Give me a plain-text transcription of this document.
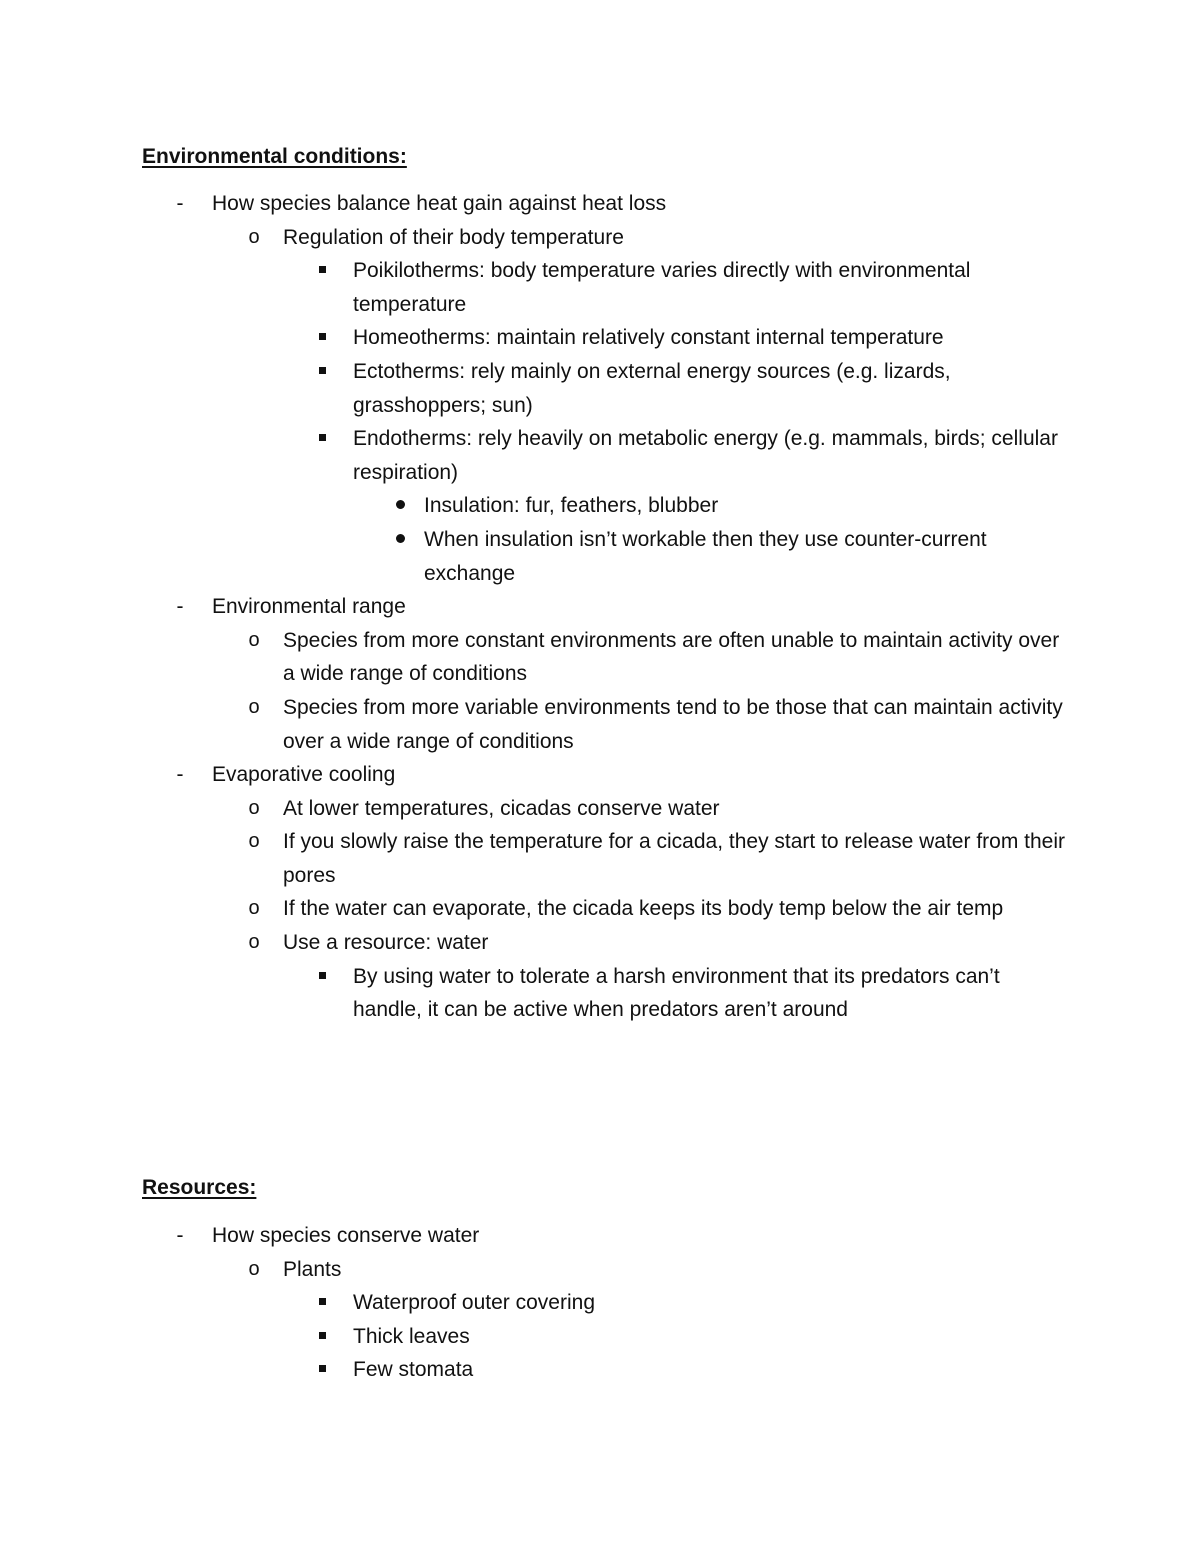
Environmental conditions:
-	How species balance heat gain against heat loss
o Regulation of their body temperature
Poikilotherms: body temperature varies directly with environmental temperature
Homeotherms: maintain relatively constant internal temperature
Ectotherms: rely mainly on external energy sources (e.g. lizards, grasshoppers; sun)
Endotherms: rely heavily on metabolic energy (e.g. mammals, birds; cellular respiration)
Insulation: fur, feathers, blubber
When insulation isn’t workable then they use counter-current exchange
-	Environmental range
o Species from more constant environments are often unable to maintain activity over a wide range of conditions
o Species from more variable environments tend to be those that can maintain activity over a wide range of conditions
-	Evaporative cooling
o At lower temperatures, cicadas conserve water
o If you slowly raise the temperature for a cicada, they start to release water from their pores
o If the water can evaporate, the cicada keeps its body temp below the air temp
o Use a resource: water
By using water to tolerate a harsh environment that its predators can’t handle, it can be active when predators aren’t around
Resources:
-	How species conserve water
o Plants
Waterproof outer covering
Thick leaves
Few stomata
